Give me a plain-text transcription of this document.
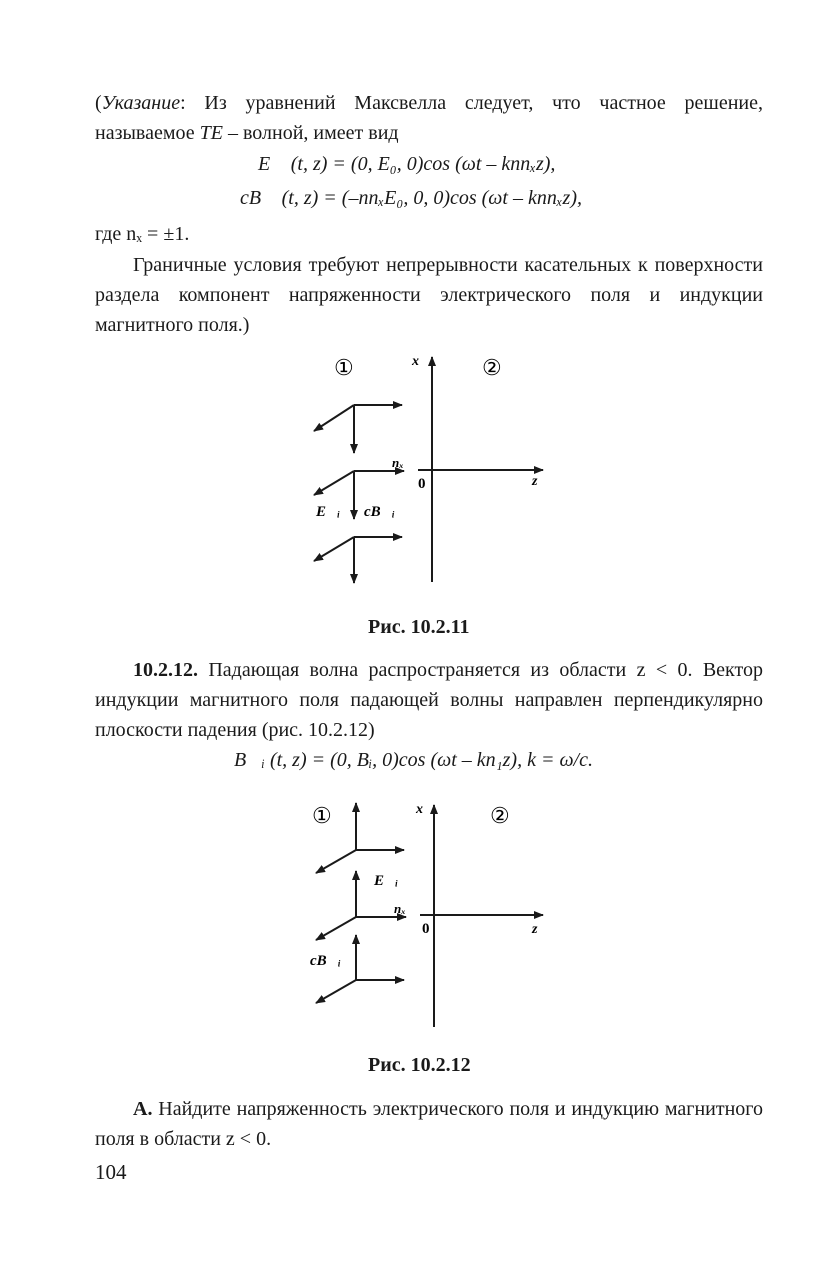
(Указание: Из уравнений Максвелла следует, что частное решение, называемое TE – волной, имеет вид
E⃗ (t, z) = (0, E₀, 0)cos (ωt – knnₓz),
cB⃗ (t, z) = (–nnₓE₀, 0, 0)cos (ωt – knnₓz),
где nₓ = ±1.
Граничные условия требуют непрерывности касательных к поверхности раздела компонент напряженности электрического поля и индукции магнитного поля.)
①	②
x
z
0
nₓ
E⃗ᵢ cB⃗ᵢ
Рис. 10.2.11
10.2.12. Падающая волна распространяется из области z < 0. Вектор индукции магнитного поля падающей волны направлен перпендикулярно плоскости падения (рис. 10.2.12)
B⃗ᵢ (t, z) = (0, Bᵢ, 0)cos (ωt – kn₁z), k = ω/c.
①	②
x
z
0
nₓ
E⃗ᵢ
cB⃗ᵢ
Рис. 10.2.12
А. Найдите напряженность электрического поля и индукцию магнитного поля в области z < 0.
104
